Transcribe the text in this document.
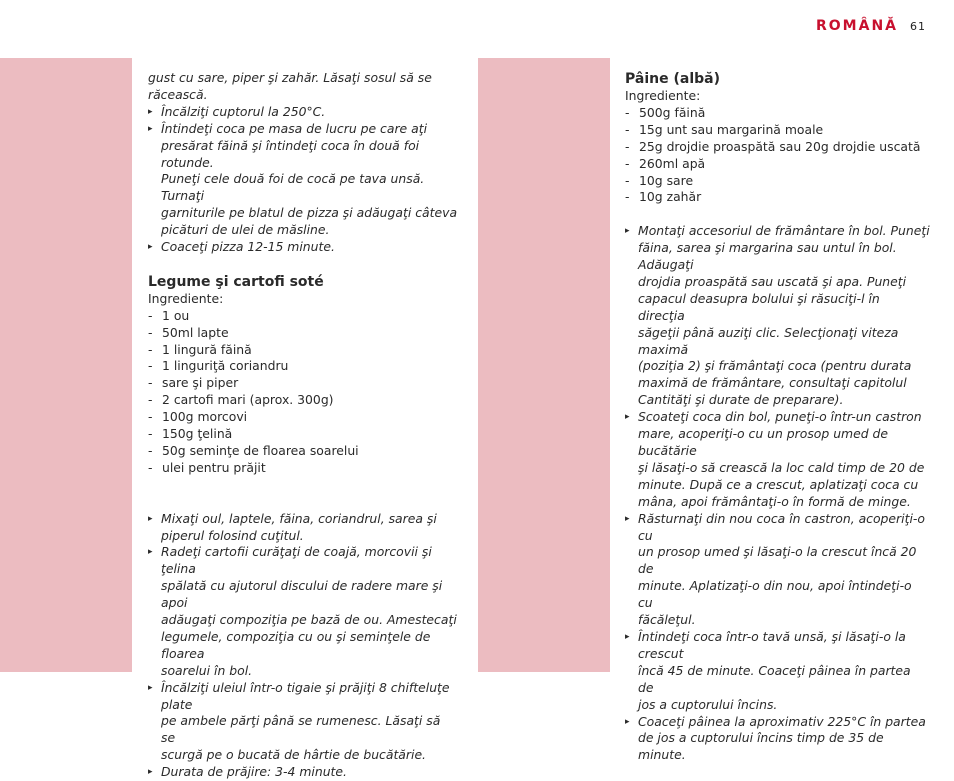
ROMÂNĂ 61
gust cu sare, piper şi zahăr. Lăsaţi sosul să se
răcească.
▸ Încălziţi cuptorul la 250°C.
▸ Întindeţi coca pe masa de lucru pe care aţi
presărat făină şi întindeţi coca în două foi rotunde.
Puneţi cele două foi de cocă pe tava unsă. Turnaţi
garniturile pe blatul de pizza şi adăugaţi câteva
picături de ulei de măsline.
▸ Coaceţi pizza 12-15 minute.
Legume şi cartofi soté
Ingrediente:
- 1 ou
- 50ml lapte
- 1 lingură făină
- 1 linguriţă coriandru
- sare şi piper
- 2 cartofi mari (aprox. 300g)
- 100g morcovi
- 150g ţelină
- 50g seminţe de floarea soarelui
- ulei pentru prăjit
▸ Mixaţi oul, laptele, făina, coriandrul, sarea şi
piperul folosind cuţitul.
▸ Radeţi cartofii curăţaţi de coajă, morcovii şi ţelina
spălată cu ajutorul discului de radere mare şi apoi
adăugaţi compoziţia pe bază de ou. Amestecaţi
legumele, compoziţia cu ou şi seminţele de floarea
soarelui în bol.
▸ Încălziţi uleiul într-o tigaie şi prăjiţi 8 chifteluţe plate
pe ambele părţi până se rumenesc. Lăsaţi să se
scurgă pe o bucată de hârtie de bucătărie.
▸ Durata de prăjire: 3-4 minute.
Pâine (albă)
Ingrediente:
- 500g făină
- 15g unt sau margarină moale
- 25g drojdie proaspătă sau 20g drojdie uscată
- 260ml apă
- 10g sare
- 10g zahăr
▸ Montaţi accesoriul de frământare în bol. Puneţi
făina, sarea şi margarina sau untul în bol. Adăugaţi
drojdia proaspătă sau uscată şi apa. Puneţi
capacul deasupra bolului şi răsuciţi-l în direcţia
săgeţii până auziţi clic. Selecţionaţi viteza maximă
(poziţia 2) şi frământaţi coca (pentru durata
maximă de frământare, consultaţi capitolul
Cantităţi şi durate de preparare).
▸ Scoateţi coca din bol, puneţi-o într-un castron
mare, acoperiţi-o cu un prosop umed de bucătărie
şi lăsaţi-o să crească la loc cald timp de 20 de
minute. După ce a crescut, aplatizaţi coca cu
mâna, apoi frământaţi-o în formă de minge.
▸ Răsturnaţi din nou coca în castron, acoperiţi-o cu
un prosop umed şi lăsaţi-o la crescut încă 20 de
minute. Aplatizaţi-o din nou, apoi întindeţi-o cu
făcăleţul.
▸ Întindeţi coca într-o tavă unsă, şi lăsaţi-o la crescut
încă 45 de minute. Coaceţi pâinea în partea de
jos a cuptorului încins.
▸ Coaceţi pâinea la aproximativ 225°C în partea
de jos a cuptorului încins timp de 35 de minute.
